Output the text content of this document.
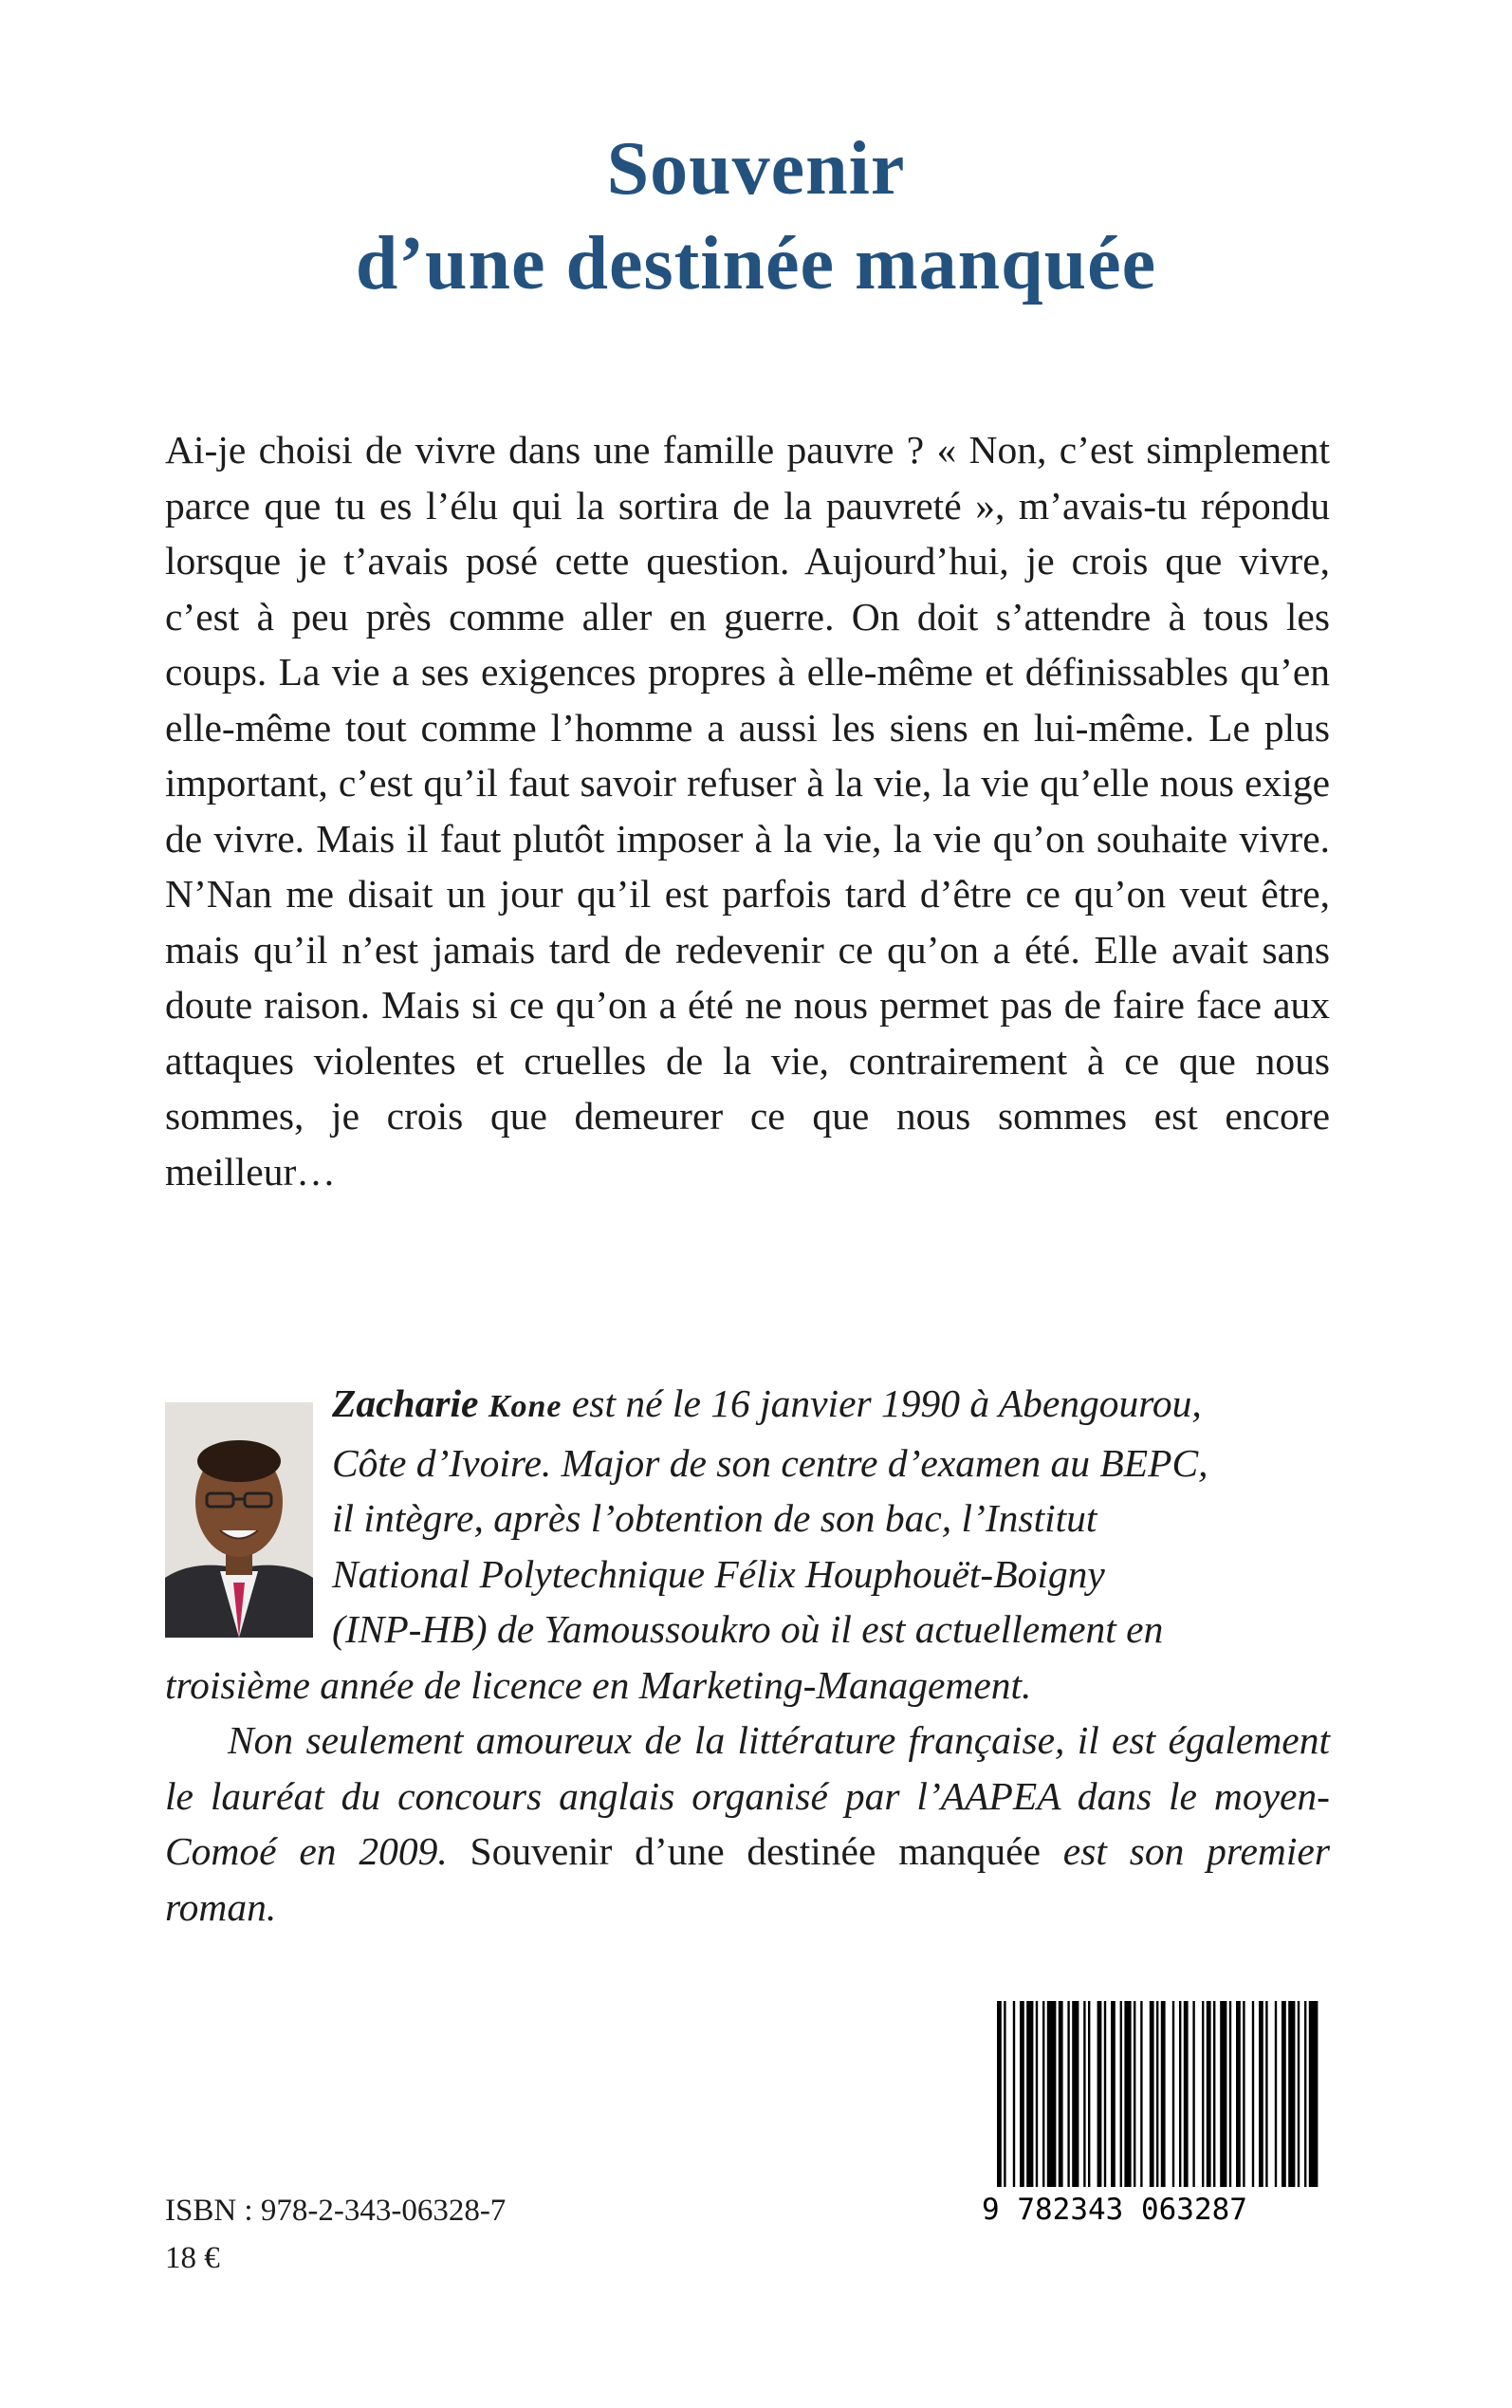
Souvenir
d’une destinée manquée
Ai-je choisi de vivre dans une famille pauvre ? « Non, c’est simplement parce que tu es l’élu qui la sortira de la pauvreté », m’avais-tu répondu lorsque je t’avais posé cette question. Aujourd’hui, je crois que vivre, c’est à peu près comme aller en guerre. On doit s’attendre à tous les coups. La vie a ses exigences propres à elle-même et définissables qu’en elle-même tout comme l’homme a aussi les siens en lui-même. Le plus important, c’est qu’il faut savoir refuser à la vie, la vie qu’elle nous exige de vivre. Mais il faut plutôt imposer à la vie, la vie qu’on souhaite vivre. N’Nan me disait un jour qu’il est parfois tard d’être ce qu’on veut être, mais qu’il n’est jamais tard de redevenir ce qu’on a été. Elle avait sans doute raison. Mais si ce qu’on a été ne nous permet pas de faire face aux attaques violentes et cruelles de la vie, contrairement à ce que nous sommes, je crois que demeurer ce que nous sommes est encore meilleur…
Zacharie Kone est né le 16 janvier 1990 à Abengourou,
Côte d’Ivoire. Major de son centre d’examen au BEPC,
il intègre, après l’obtention de son bac, l’Institut
National Polytechnique Félix Houphouët-Boigny
(INP-HB) de Yamoussoukro où il est actuellement en
troisième année de licence en Marketing-Management.
Non seulement amoureux de la littérature française, il est également le lauréat du concours anglais organisé par l’AAPEA dans le moyen-Comoé en 2009. Souvenir d’une destinée manquée est son premier roman.
9 782343 063287
ISBN : 978-2-343-06328-7
18 €
